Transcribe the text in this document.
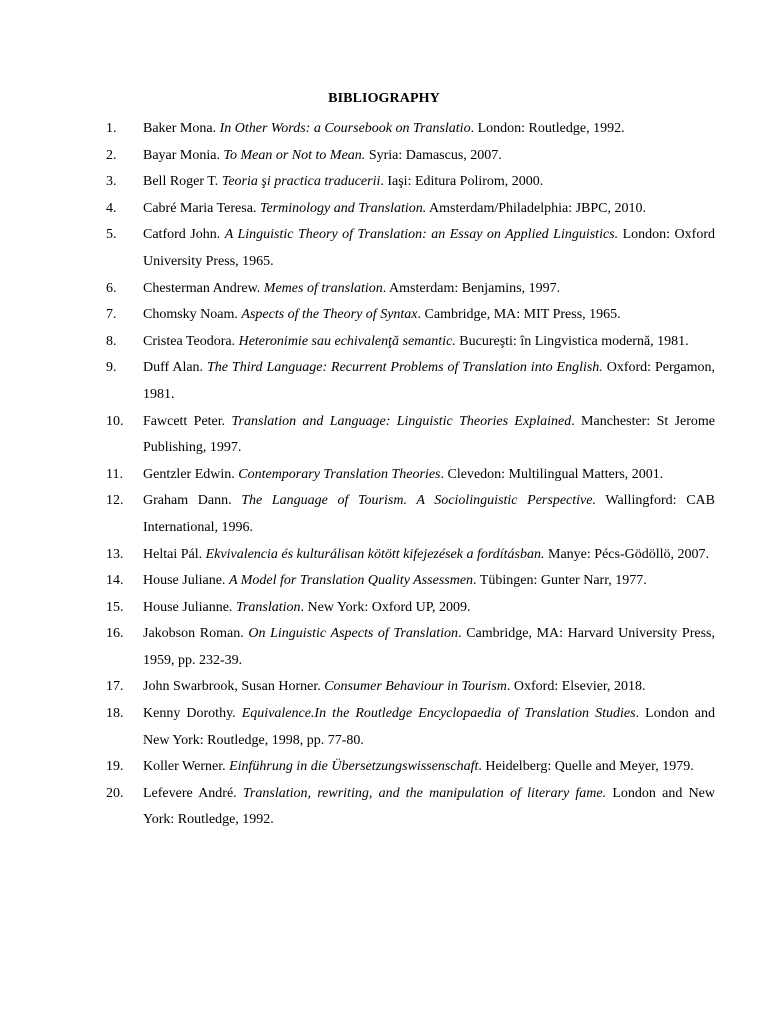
BIBLIOGRAPHY
1. Baker Mona. In Other Words: a Coursebook on Translatio. London: Routledge, 1992.
2. Bayar Monia. To Mean or Not to Mean. Syria: Damascus, 2007.
3. Bell Roger T. Teoria şi practica traducerii. Iaşi: Editura Polirom, 2000.
4. Cabré Maria Teresa. Terminology and Translation. Amsterdam/Philadelphia: JBPC, 2010.
5. Catford John. A Linguistic Theory of Translation: an Essay on Applied Linguistics. London: Oxford University Press, 1965.
6. Chesterman Andrew. Memes of translation. Amsterdam: Benjamins, 1997.
7. Chomsky Noam. Aspects of the Theory of Syntax. Cambridge, MA: MIT Press, 1965.
8. Cristea Teodora. Heteronimie sau echivalenţă semantic. Bucureşti: în Lingvistica modernă, 1981.
9. Duff Alan. The Third Language: Recurrent Problems of Translation into English. Oxford: Pergamon, 1981.
10. Fawcett Peter. Translation and Language: Linguistic Theories Explained. Manchester: St Jerome Publishing, 1997.
11. Gentzler Edwin. Contemporary Translation Theories. Clevedon: Multilingual Matters, 2001.
12. Graham Dann. The Language of Tourism. A Sociolinguistic Perspective. Wallingford: CAB International, 1996.
13. Heltai Pál. Ekvivalencia és kulturálisan kötött kifejezések a fordításban. Manye: Pécs-Gödöllö, 2007.
14. House Juliane. A Model for Translation Quality Assessmen. Tübingen: Gunter Narr, 1977.
15. House Julianne. Translation. New York: Oxford UP, 2009.
16. Jakobson Roman. On Linguistic Aspects of Translation. Cambridge, MA: Harvard University Press, 1959, pp. 232-39.
17. John Swarbrook, Susan Horner. Consumer Behaviour in Tourism. Oxford: Elsevier, 2018.
18. Kenny Dorothy. Equivalence.In the Routledge Encyclopaedia of Translation Studies. London and New York: Routledge, 1998, pp. 77-80.
19. Koller Werner. Einführung in die Übersetzungswissenschaft. Heidelberg: Quelle and Meyer, 1979.
20. Lefevere André. Translation, rewriting, and the manipulation of literary fame. London and New York: Routledge, 1992.
